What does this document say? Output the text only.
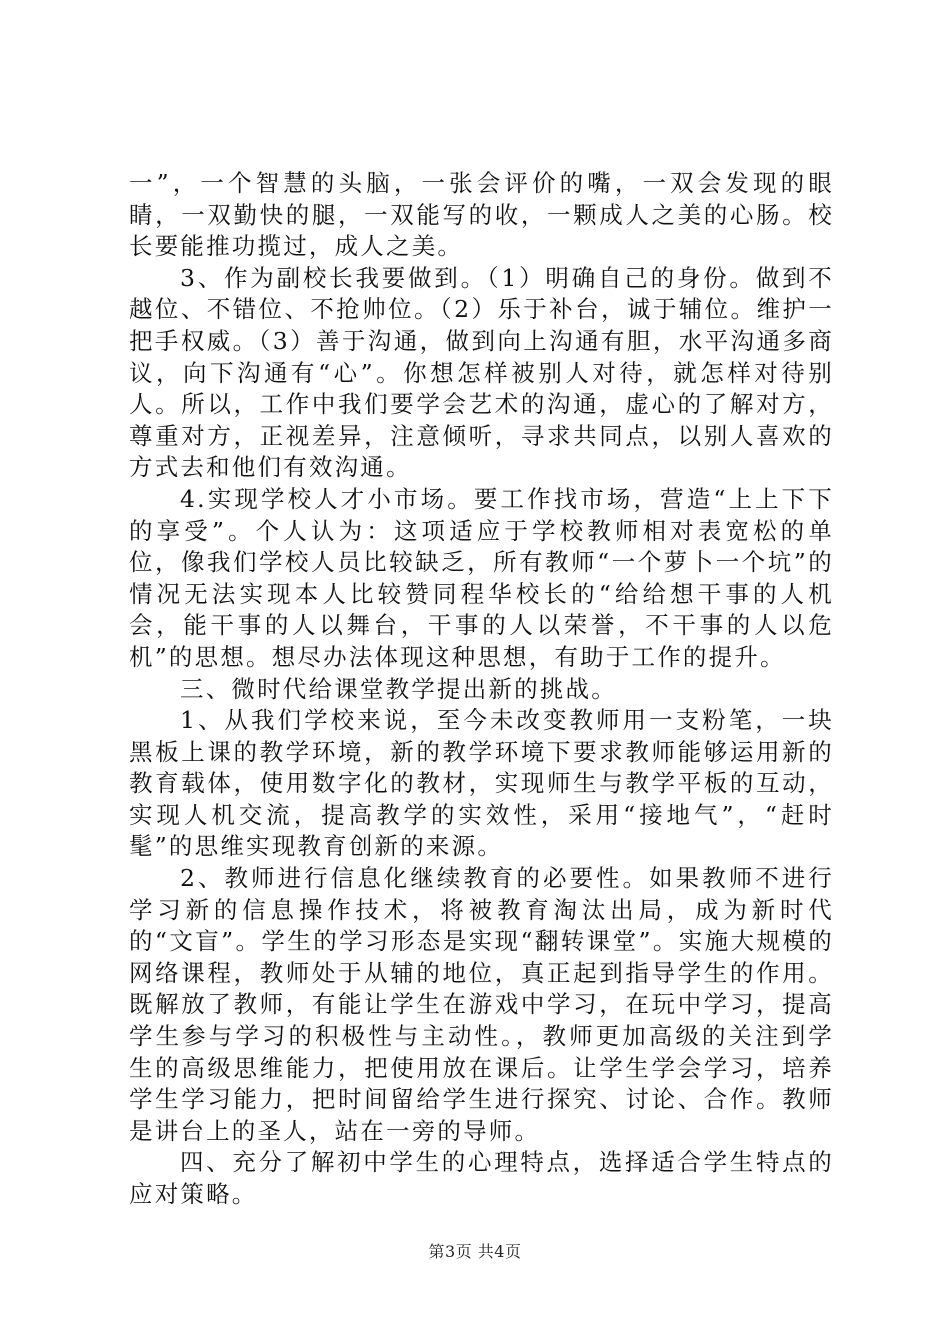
一”，一个智慧的头脑，一张会评价的嘴，一双会发现的眼睛，一双勤快的腿，一双能写的收，一颗成人之美的心肠。校长要能推功揽过，成人之美。

3、作为副校长我要做到。（1）明确自己的身份。做到不越位、不错位、不抢帅位。（2）乐于补台，诚于辅位。维护一把手权威。（3）善于沟通，做到向上沟通有胆，水平沟通多商议，向下沟通有“心”。你想怎样被别人对待，就怎样对待别人。所以，工作中我们要学会艺术的沟通，虚心的了解对方，尊重对方，正视差异，注意倾听，寻求共同点，以别人喜欢的方式去和他们有效沟通。

4.实现学校人才小市场。要工作找市场，营造“上上下下的享受”。个人认为：这项适应于学校教师相对表宽松的单位，像我们学校人员比较缺乏，所有教师“一个萝卜一个坑”的情况无法实现本人比较赞同程华校长的“给给想干事的人机会，能干事的人以舞台，干事的人以荣誉，不干事的人以危机”的思想。想尽办法体现这种思想，有助于工作的提升。

三、微时代给课堂教学提出新的挑战。

1、从我们学校来说，至今未改变教师用一支粉笔，一块黑板上课的教学环境，新的教学环境下要求教师能够运用新的教育载体，使用数字化的教材，实现师生与教学平板的互动，实现人机交流，提高教学的实效性，采用“接地气”，“赶时髦”的思维实现教育创新的来源。

2、教师进行信息化继续教育的必要性。如果教师不进行学习新的信息操作技术，将被教育淘汰出局，成为新时代的“文盲”。学生的学习形态是实现“翻转课堂”。实施大规模的网络课程，教师处于从辅的地位，真正起到指导学生的作用。既解放了教师，有能让学生在游戏中学习，在玩中学习，提高学生参与学习的积极性与主动性。，教师更加高级的关注到学生的高级思维能力，把使用放在课后。让学生学会学习，培养学生学习能力，把时间留给学生进行探究、讨论、合作。教师是讲台上的圣人，站在一旁的导师。

四、充分了解初中学生的心理特点，选择适合学生特点的应对策略。

第3页 共4页
